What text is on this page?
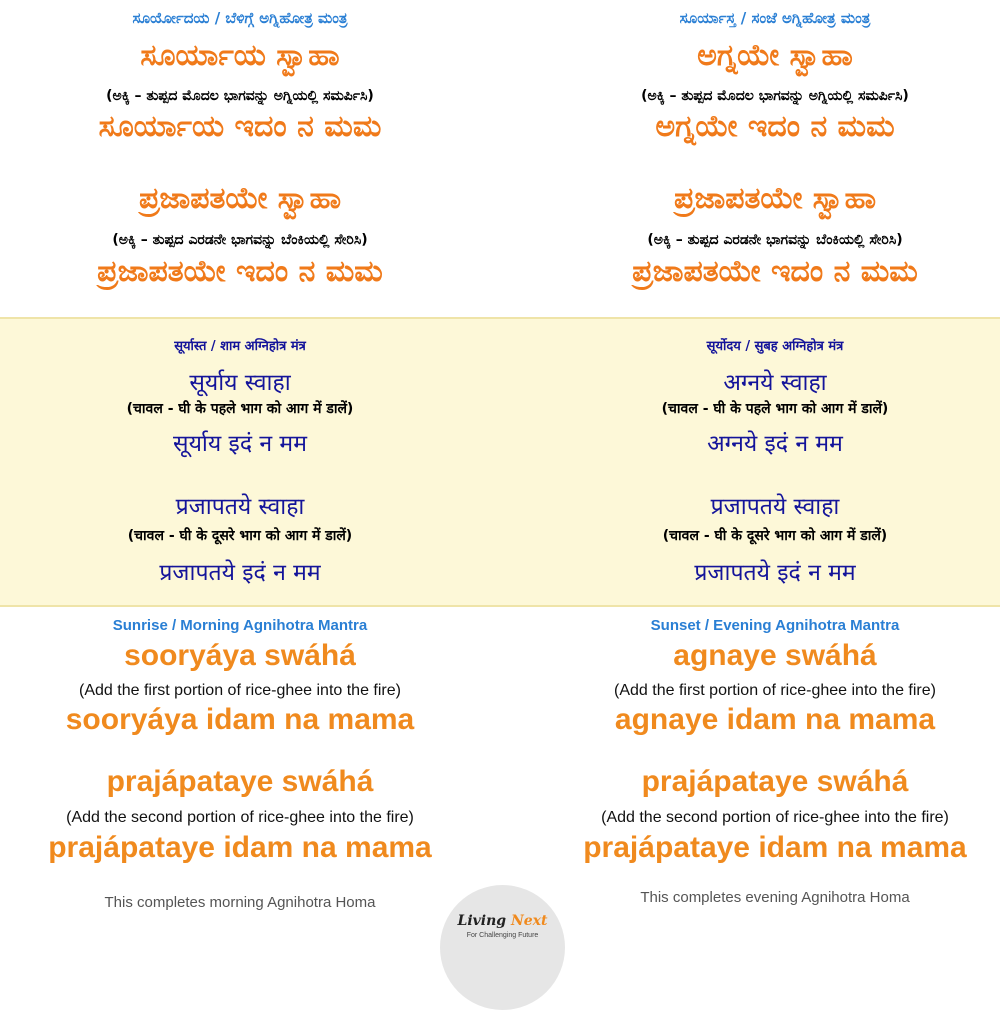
ಸೂರ್ಯೋದಯ / ಬೆಳಿಗ್ಗೆ ಅಗ್ನಿಹೋತ್ರ ಮಂತ್ರ

ಸೂರ್ಯಾಯ ಸ್ವಾಹಾ

(ಅಕ್ಕಿ – ತುಪ್ಪದ ಮೊದಲ ಭಾಗವನ್ನು ಅಗ್ನಿಯಲ್ಲಿ ಸಮರ್ಪಿಸಿ)

ಸೂರ್ಯಾಯ ಇದಂ ನ ಮಮ

ಪ್ರಜಾಪತಯೇ ಸ್ವಾಹಾ

(ಅಕ್ಕಿ – ತುಪ್ಪದ ಎರಡನೇ ಭಾಗವನ್ನು ಬೆಂಕಿಯಲ್ಲಿ ಸೇರಿಸಿ)

ಪ್ರಜಾಪತಯೇ ಇದಂ ನ ಮಮ

ಸೂರ್ಯಾಸ್ತ / ಸಂಜೆ ಅಗ್ನಿಹೋತ್ರ ಮಂತ್ರ

ಅಗ್ನಯೇ ಸ್ವಾಹಾ

(ಅಕ್ಕಿ – ತುಪ್ಪದ ಮೊದಲ ಭಾಗವನ್ನು ಅಗ್ನಿಯಲ್ಲಿ ಸಮರ್ಪಿಸಿ)

ಅಗ್ನಯೇ ಇದಂ ನ ಮಮ

ಪ್ರಜಾಪತಯೇ ಸ್ವಾಹಾ

(ಅಕ್ಕಿ – ತುಪ್ಪದ ಎರಡನೇ ಭಾಗವನ್ನು ಬೆಂಕಿಯಲ್ಲಿ ಸೇರಿಸಿ)

ಪ್ರಜಾಪತಯೇ ಇದಂ ನ ಮಮ

सूर्यास्त / शाम अग्निहोत्र मंत्र

सूर्याय स्वाहा

(चावल - घी के पहले भाग को आग में डालें)

सूर्याय इदं न मम

प्रजापतये स्वाहा

(चावल - घी के दूसरे भाग को आग में डालें)

प्रजापतये इदं न मम

सूर्योदय / सुबह अग्निहोत्र मंत्र

अग्नये स्वाहा

(चावल - घी के पहले भाग को आग में डालें)

अग्नये इदं न मम

प्रजापतये स्वाहा

(चावल - घी के दूसरे भाग को आग में डालें)

प्रजापतये इदं न मम

Sunrise / Morning Agnihotra Mantra

sooryáya swáhá

(Add the first portion of rice-ghee into the fire)

sooryáya idam na mama

prajápataye swáhá

(Add the second portion of rice-ghee into the fire)

prajápataye idam na mama

This completes morning Agnihotra Homa

Sunset / Evening Agnihotra Mantra

agnaye swáhá

(Add the first portion of rice-ghee into the fire)

agnaye idam na mama

prajápataye swáhá

(Add the second portion of rice-ghee into the fire)

prajápataye idam na mama

This completes evening Agnihotra Homa

Living Next
For Challenging Future
